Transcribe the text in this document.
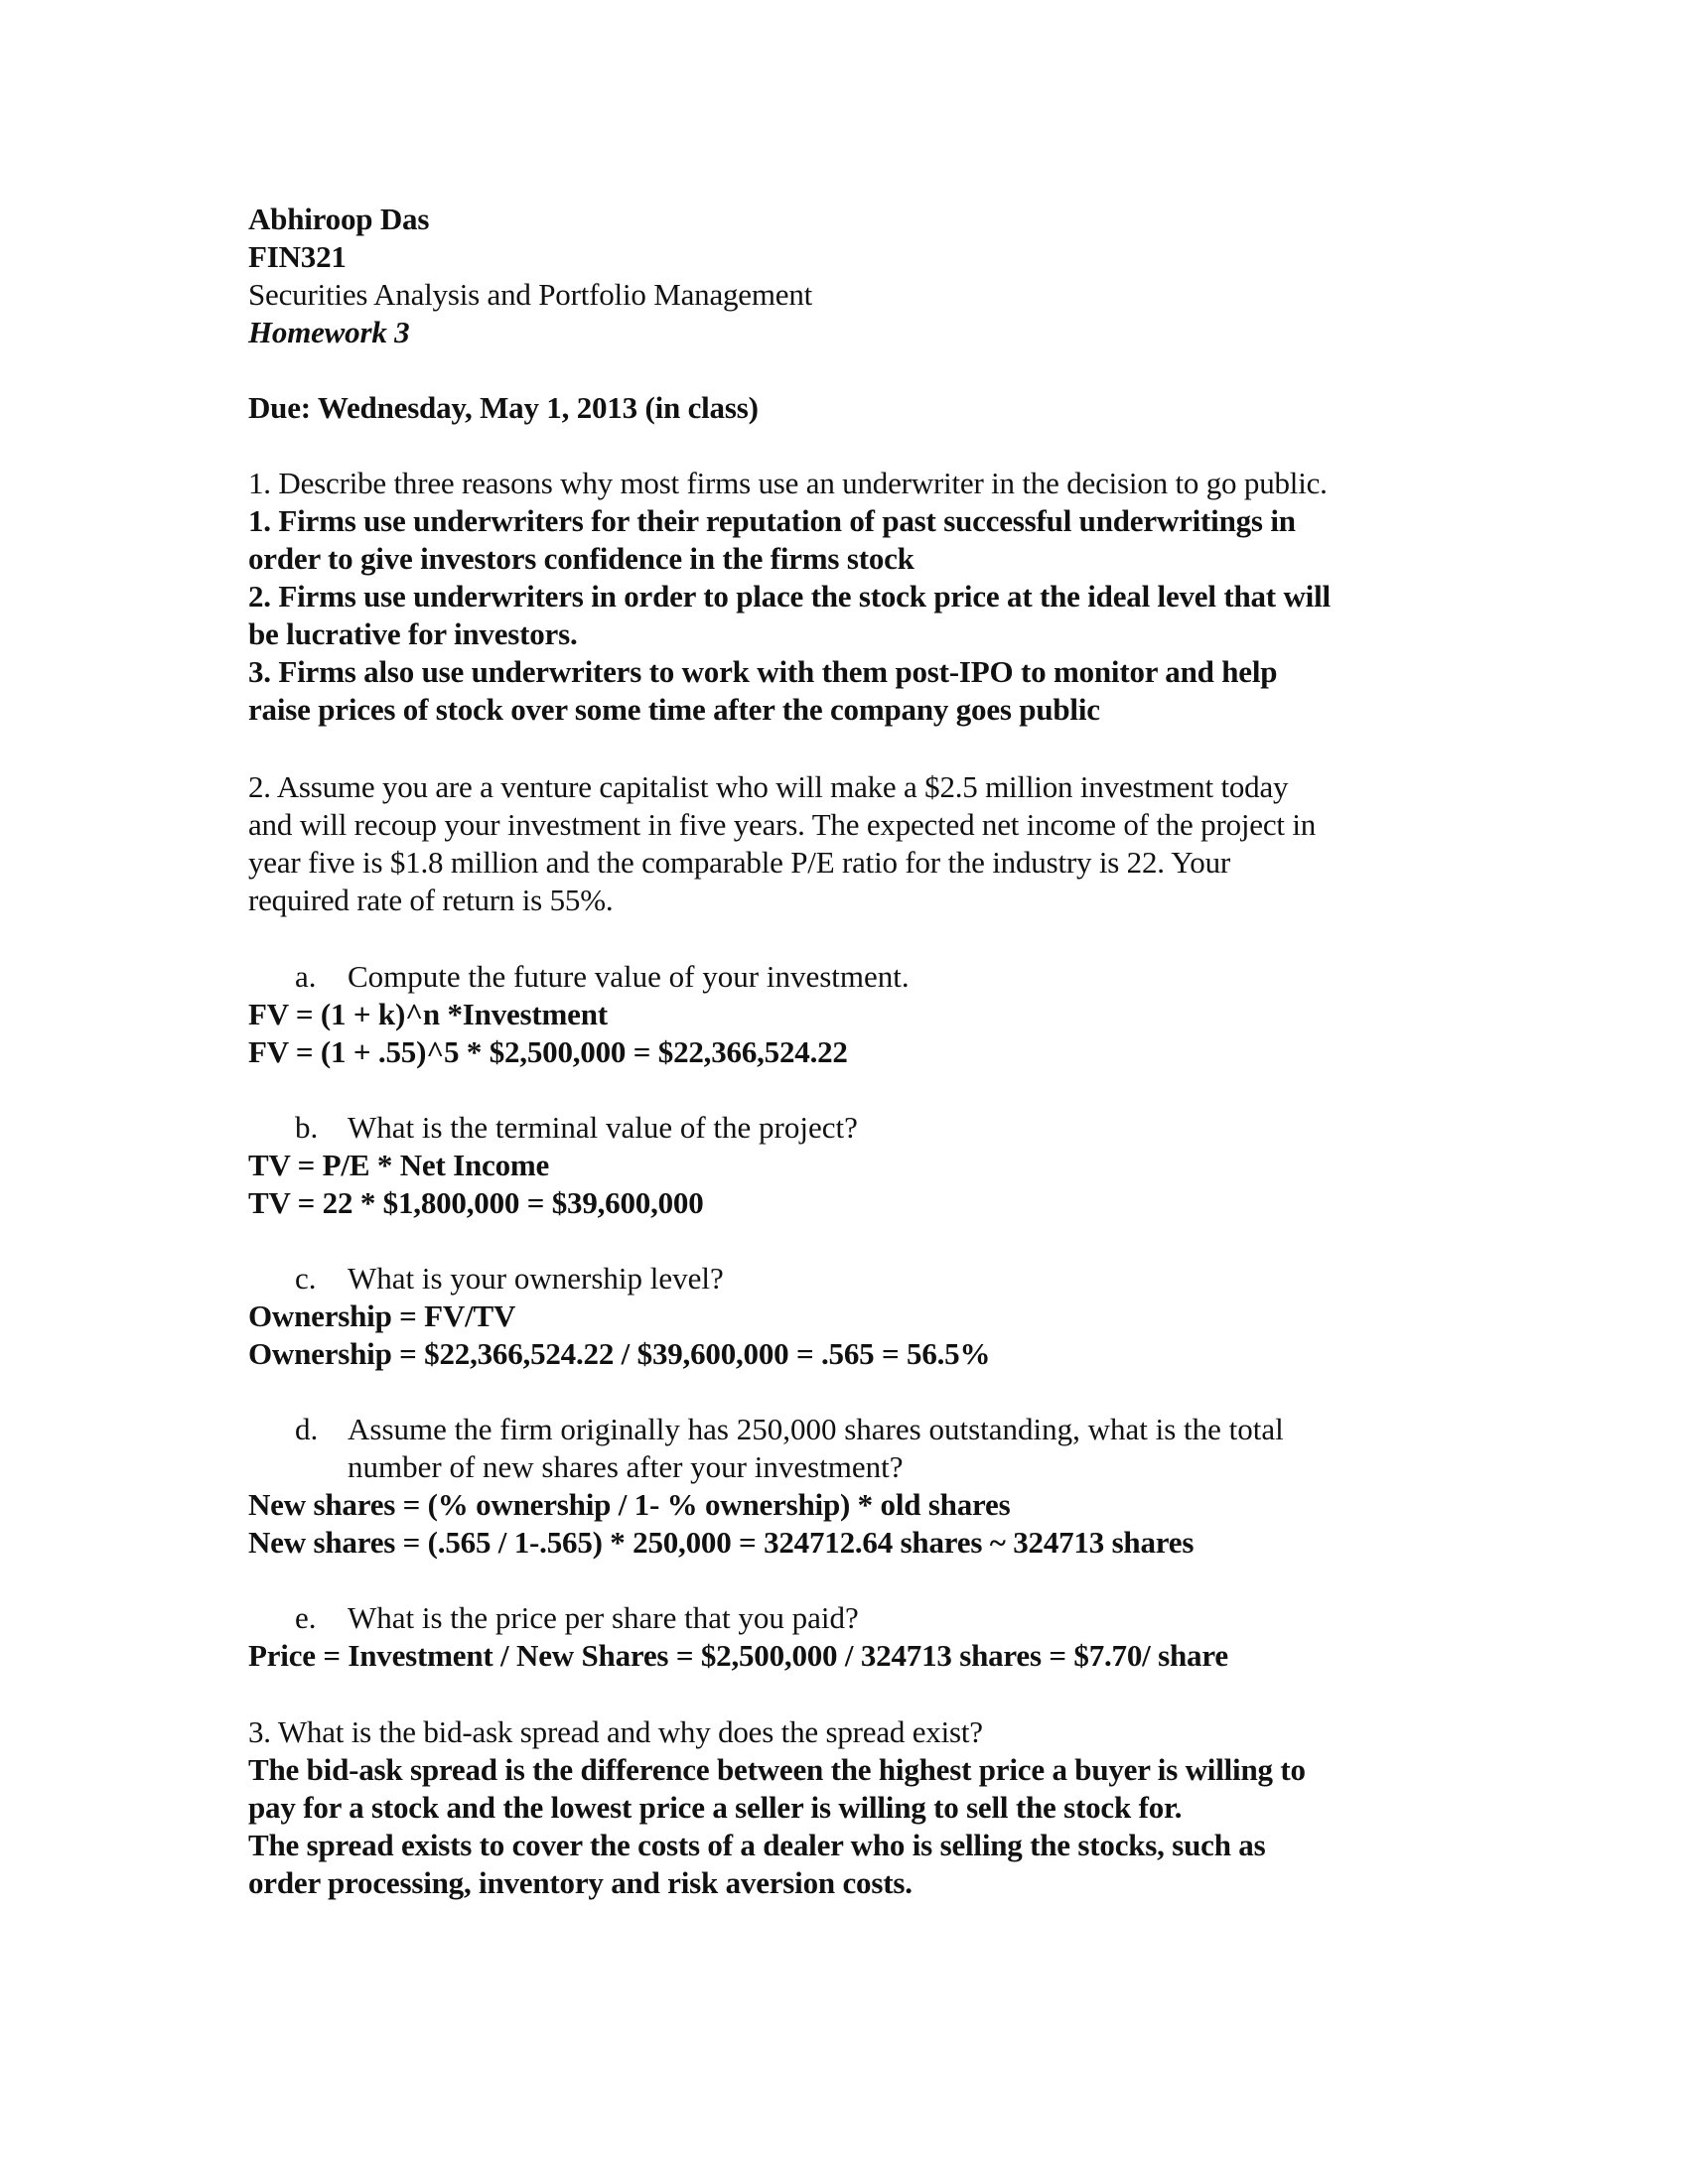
Abhiroop Das
FIN321
Securities Analysis and Portfolio Management
Homework 3
Due: Wednesday, May 1, 2013 (in class)
1. Describe three reasons why most firms use an underwriter in the decision to go public.
1. Firms use underwriters for their reputation of past successful underwritings in
order to give investors confidence in the firms stock
2. Firms use underwriters in order to place the stock price at the ideal level that will
be lucrative for investors.
3. Firms also use underwriters to work with them post-IPO to monitor and help
raise prices of stock over some time after the company goes public
2. Assume you are a venture capitalist who will make a $2.5 million investment today
and will recoup your investment in five years. The expected net income of the project in
year five is $1.8 million and the comparable P/E ratio for the industry is 22. Your
required rate of return is 55%.
a. Compute the future value of your investment.
FV = (1 + k)^n *Investment
FV = (1 + .55)^5 * $2,500,000 = $22,366,524.22
b. What is the terminal value of the project?
TV = P/E * Net Income
TV = 22 * $1,800,000 = $39,600,000
c. What is your ownership level?
Ownership = FV/TV
Ownership = $22,366,524.22 / $39,600,000 = .565 = 56.5%
d. Assume the firm originally has 250,000 shares outstanding, what is the total
number of new shares after your investment?
New shares = (% ownership / 1- % ownership) * old shares
New shares = (.565 / 1-.565) * 250,000 = 324712.64 shares ~ 324713 shares
e. What is the price per share that you paid?
Price = Investment / New Shares = $2,500,000 / 324713 shares = $7.70/ share
3. What is the bid-ask spread and why does the spread exist?
The bid-ask spread is the difference between the highest price a buyer is willing to
pay for a stock and the lowest price a seller is willing to sell the stock for.
The spread exists to cover the costs of a dealer who is selling the stocks, such as
order processing, inventory and risk aversion costs.
